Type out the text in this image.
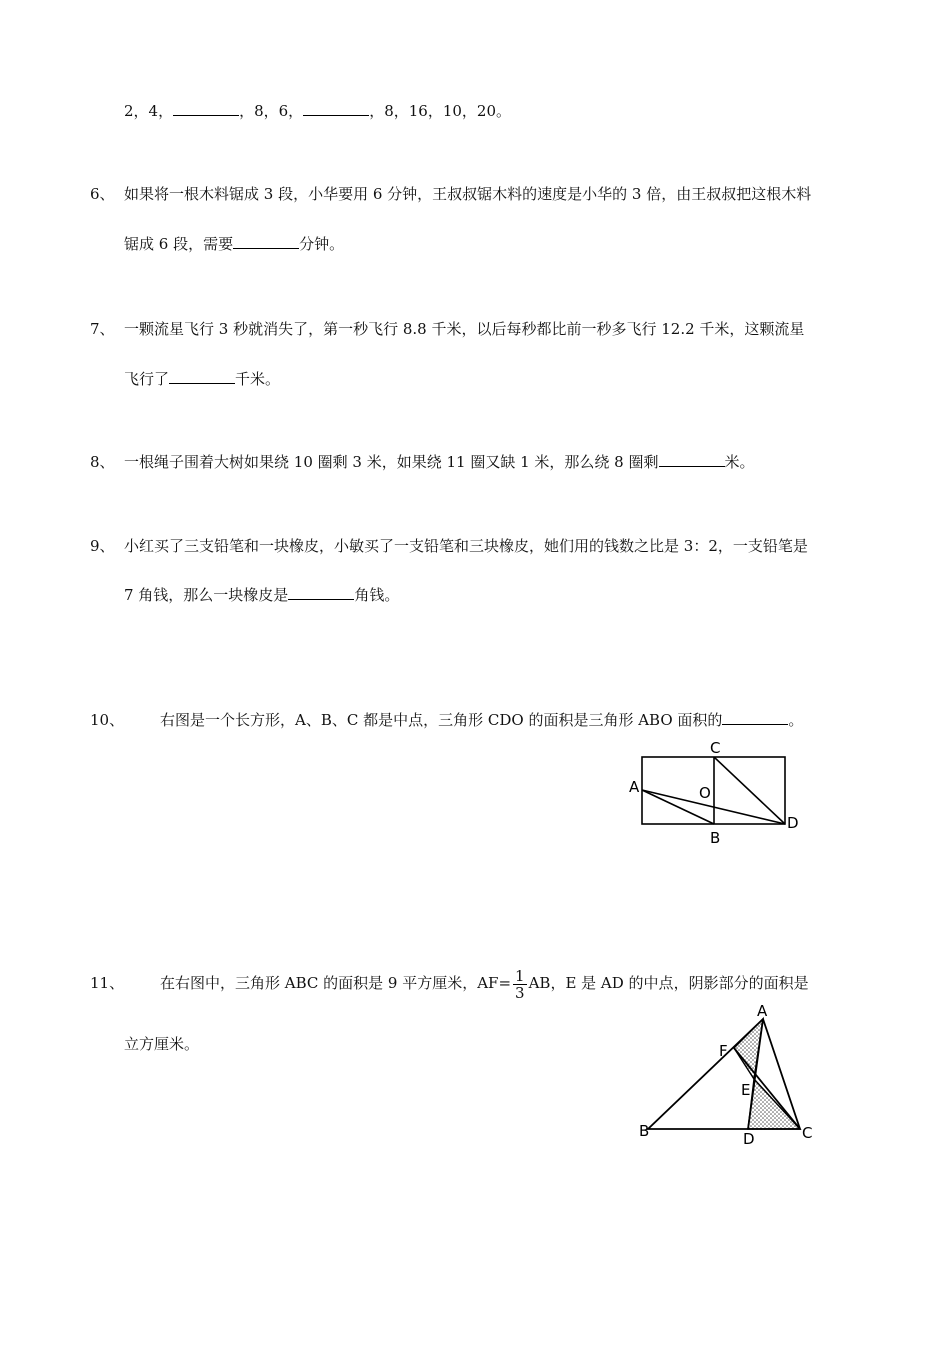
2，4，	，8，6，	，8，16，10，20。
6、 如果将一根木料锯成 3 段，小华要用 6 分钟，王叔叔锯木料的速度是小华的 3 倍，由王叔叔把这根木料
锯成 6 段，需要	分钟。
7、 一颗流星飞行 3 秒就消失了，第一秒飞行 8.8 千米，以后每秒都比前一秒多飞行 12.2 千米，这颗流星
飞行了	千米。
8、 一根绳子围着大树如果绕 10 圈剩 3 米，如果绕 11 圈又缺 1 米，那么绕 8 圈剩	米。
9、 小红买了三支铅笔和一块橡皮，小敏买了一支铅笔和三块橡皮，她们用的钱数之比是 3：2，一支铅笔是
7 角钱，那么一块橡皮是	角钱。
10、 右图是一个长方形，A、B、C 都是中点，三角形 CDO 的面积是三角形 ABO 面积的	。
C
A	O
B
D
11、 在右图中，三角形 ABC 的面积是 9 平方厘米，$AF= \frac{1}{3}$ AB，E 是 AD 的中点，阴影部分的面积是
立方厘米。
A
F
E
B	D	C
